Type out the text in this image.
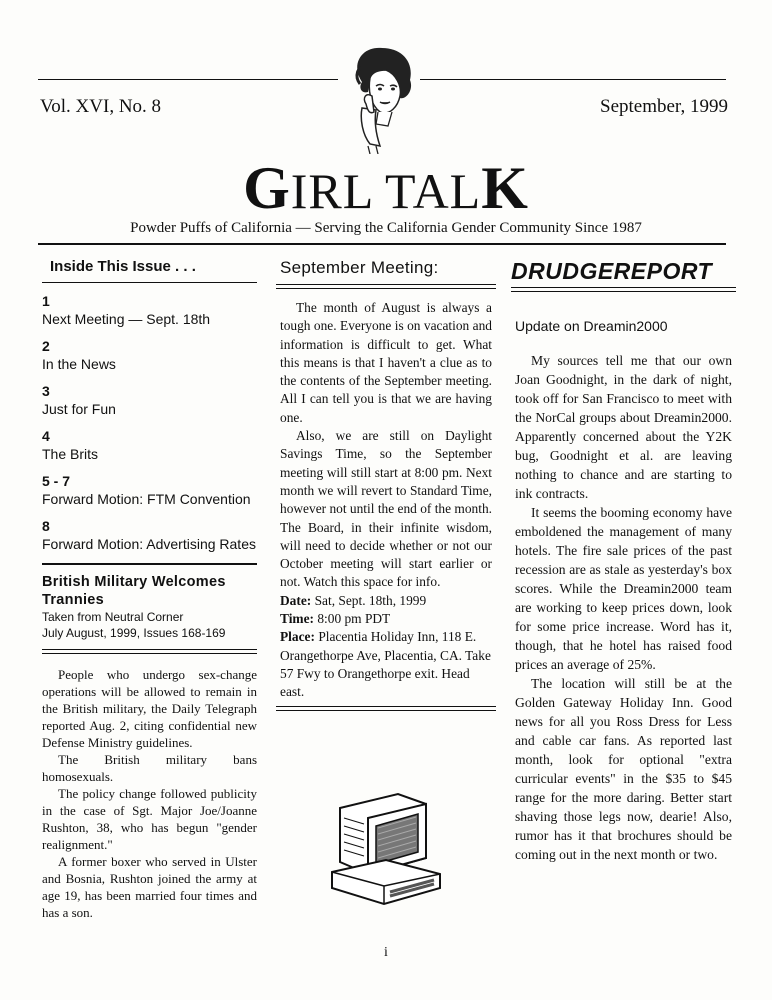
Vol. XVI, No. 8	September, 1999
GIRL TALK
Powder Puffs of California — Serving the California Gender Community Since 1987
Inside This Issue . . .
1
Next Meeting — Sept. 18th
2
In the News
3
Just for Fun
4
The Brits
5 - 7
Forward Motion: FTM Convention
8
Forward Motion: Advertising Rates
British Military Welcomes Trannies
Taken from Neutral Corner
July August, 1999, Issues 168-169

People who undergo sex-change operations will be allowed to remain in the British military, the Daily Telegraph reported Aug. 2, citing confidential new Defense Ministry guidelines.

The British military bans homosexuals.

The policy change followed publicity in the case of Sgt. Major Joe/Joanne Rushton, 38, who has begun "gender realignment."

A former boxer who served in Ulster and Bosnia, Rushton joined the army at age 19, has been married four times and has a son.

September Meeting:

The month of August is always a tough one. Everyone is on vacation and information is difficult to get. What this means is that I haven't a clue as to the contents of the September meeting. All I can tell you is that we are having one.

Also, we are still on Daylight Savings Time, so the September meeting will still start at 8:00 pm. Next month we will revert to Standard Time, however not until the end of the month. The Board, in their infinite wisdom, will need to decide whether or not our October meeting will start earlier or not. Watch this space for info.

Date: Sat, Sept. 18th, 1999
Time: 8:00 pm PDT
Place: Placentia Holiday Inn, 118 E. Orangethorpe Ave, Placentia, CA. Take 57 Fwy to Orangethorpe exit. Head east.
DRUDGEREPORT
Update on Dreamin2000

My sources tell me that our own Joan Goodnight, in the dark of night, took off for San Francisco to meet with the NorCal groups about Dreamin2000. Apparently concerned about the Y2K bug, Goodnight et al. are leaving nothing to chance and are starting to ink contracts.

It seems the booming economy have emboldened the management of many hotels. The fire sale prices of the past recession are as stale as yesterday's box scores. While the Dreamin2000 team are working to keep prices down, look for some price increase. Word has it, though, that he hotel has raised food prices an average of 25%.

The location will still be at the Golden Gateway Holiday Inn. Good news for all you Ross Dress for Less and cable car fans. As reported last month, look for optional "extra curricular events" in the $35 to $45 range for the more daring. Better start shaving those legs now, dearie! Also, rumor has it that brochures should be coming out in the next month or two.

i
